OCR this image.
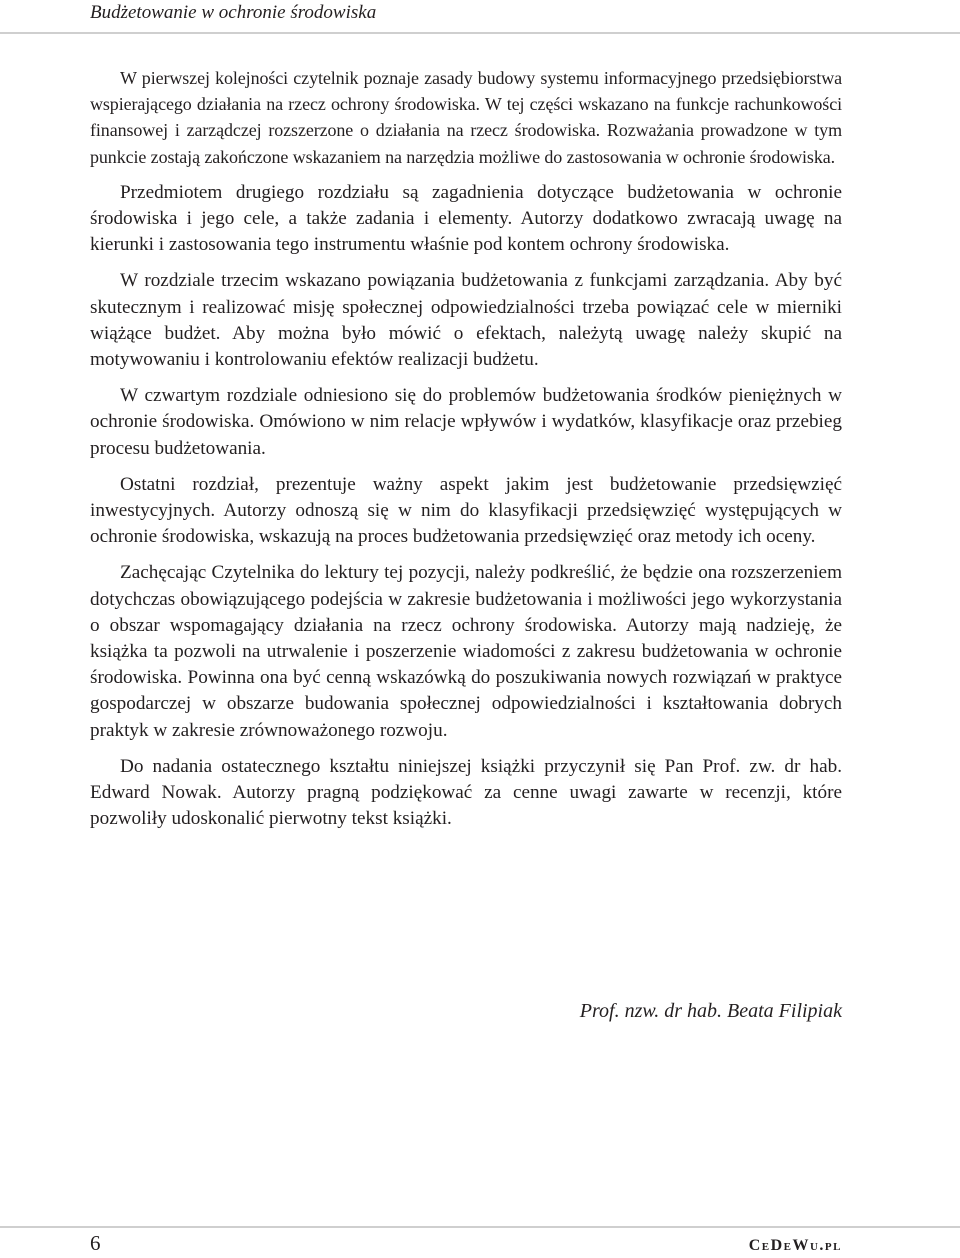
Budżetowanie w ochronie środowiska

W pierwszej kolejności czytelnik poznaje zasady budowy systemu informacyjnego przedsiębiorstwa wspierającego działania na rzecz ochrony środowiska. W tej części wskazano na funkcje rachunkowości finansowej i zarządczej rozszerzone o działania na rzecz środowiska. Rozważania prowadzone w tym punkcie zostają zakończone wskazaniem na narzędzia możliwe do zastosowania w ochronie środowiska.

Przedmiotem drugiego rozdziału są zagadnienia dotyczące budżetowania w ochronie środowiska i jego cele, a także zadania i elementy. Autorzy dodatkowo zwracają uwagę na kierunki i zastosowania tego instrumentu właśnie pod kontem ochrony środowiska.

W rozdziale trzecim wskazano powiązania budżetowania z funkcjami zarządzania. Aby być skutecznym i realizować misję społecznej odpowiedzialności trzeba powiązać cele w mierniki wiążące budżet. Aby można było mówić o efektach, należytą uwagę należy skupić na motywowaniu i kontrolowaniu efektów realizacji budżetu.

W czwartym rozdziale odniesiono się do problemów budżetowania środków pieniężnych w ochronie środowiska. Omówiono w nim relacje wpływów i wydatków, klasyfikacje oraz przebieg procesu budżetowania.

Ostatni rozdział, prezentuje ważny aspekt jakim jest budżetowanie przedsięwzięć inwestycyjnych. Autorzy odnoszą się w nim do klasyfikacji przedsięwzięć występujących w ochronie środowiska, wskazują na proces budżetowania przedsięwzięć oraz metody ich oceny.

Zachęcając Czytelnika do lektury tej pozycji, należy podkreślić, że będzie ona rozszerzeniem dotychczas obowiązującego podejścia w zakresie budżetowania i możliwości jego wykorzystania o obszar wspomagający działania na rzecz ochrony środowiska. Autorzy mają nadzieję, że książka ta pozwoli na utrwalenie i poszerzenie wiadomości z zakresu budżetowania w ochronie środowiska. Powinna ona być cenną wskazówką do poszukiwania nowych rozwiązań w praktyce gospodarczej w obszarze budowania społecznej odpowiedzialności i kształtowania dobrych praktyk w zakresie zrównoważonego rozwoju.

Do nadania ostatecznego kształtu niniejszej książki przyczynił się Pan Prof. zw. dr hab. Edward Nowak. Autorzy pragną podziękować za cenne uwagi zawarte w recenzji, które pozwoliły udoskonalić pierwotny tekst książki.

Prof. nzw. dr hab. Beata Filipiak
6	CeDeWu.pl
